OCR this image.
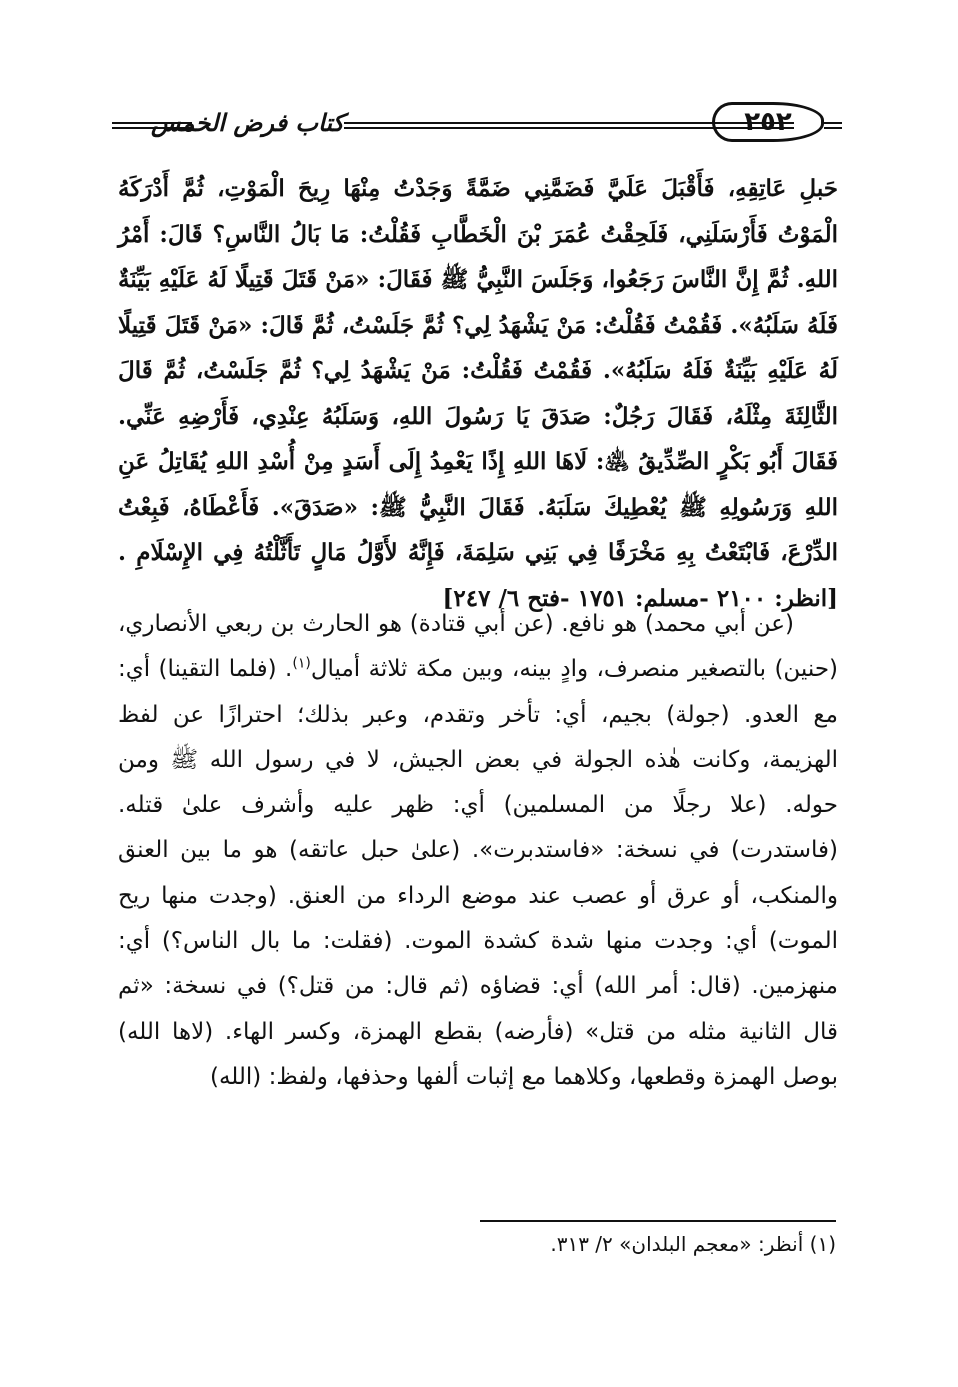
كتاب فرض الخمس	٢٥٢

حَبلِ عَاتِقِهِ، فَأَقْبَلَ عَلَيَّ فَضَمَّنِي ضَمَّةً وَجَدْتُ مِنْهَا رِيحَ الْمَوْتِ، ثُمَّ أَدْرَكَهُ الْمَوْتُ فَأَرْسَلَنِي، فَلَحِقْتُ عُمَرَ بْنَ الْخَطَّابِ فَقُلْتُ: مَا بَالُ النَّاسِ؟ قَالَ: أَمْرُ اللهِ. ثُمَّ إِنَّ النَّاسَ رَجَعُوا، وَجَلَسَ النَّبِيُّ ﷺ فَقَالَ: «مَنْ قَتَلَ قَتِيلًا لَهُ عَلَيْهِ بَيِّنَةٌ فَلَهُ سَلَبُهُ». فَقُمْتُ فَقُلْتُ: مَنْ يَشْهَدُ لِي؟ ثُمَّ جَلَسْتُ، ثُمَّ قَالَ: «مَنْ قَتَلَ قَتِيلًا لَهُ عَلَيْهِ بَيِّنَةٌ فَلَهُ سَلَبُهُ». فَقُمْتُ فَقُلْتُ: مَنْ يَشْهَدُ لِي؟ ثُمَّ جَلَسْتُ، ثُمَّ قَالَ الثَّالِثَةَ مِثْلَهُ، فَقَالَ رَجُلٌ: صَدَقَ يَا رَسُولَ اللهِ، وَسَلَبُهُ عِنْدِي، فَأَرْضِهِ عَنِّي. فَقَالَ أَبُو بَكْرٍ الصِّدِّيقُ ﵁: لَاهَا اللهِ إِذًا يَعْمِدُ إِلَى أَسَدٍ مِنْ أُسْدِ اللهِ يُقَاتِلُ عَنِ اللهِ وَرَسُولِهِ ﷺ يُعْطِيكَ سَلَبَهُ. فَقَالَ النَّبِيُّ ﷺ: «صَدَقَ». فَأَعْطَاهُ، فَبِعْتُ الدِّرْعَ، فَابْتَعْتُ بِهِ مَخْرَفًا فِي بَنِي سَلِمَةَ، فَإِنَّهُ لأَوَّلُ مَالٍ تَأَثَّلْتُهُ فِي الإِسْلَامِ .[انظر: ٢١٠٠ -مسلم: ١٧٥١ -فتح ٦/ ٢٤٧]

(عن أبي محمد) هو نافع. (عن أبي قتادة) هو الحارث بن ربعي الأنصاري، (حنين) بالتصغير منصرف، وادٍ بينه، وبين مكة ثلاثة أميال$^{(١)}$. (فلما التقينا) أي: مع العدو. (جولة) بجيم، أي: تأخر وتقدم، وعبر بذلك؛ احترازًا عن لفظ الهزيمة، وكانت هٰذه الجولة في بعض الجيش، لا في رسول الله ﷺ ومن حوله. (علا رجلًا من المسلمين) أي: ظهر عليه وأشرف علىٰ قتله. (فاستدرت) في نسخة: «فاستدبرت». (علىٰ حبل عاتقه) هو ما بين العنق والمنكب، أو عرق أو عصب عند موضع الرداء من العنق. (وجدت منها ريح الموت) أي: وجدت منها شدة كشدة الموت. (فقلت: ما بال الناس؟) أي: منهزمين. (قال: أمر الله) أي: قضاؤه (ثم قال: من قتل؟) في نسخة: «ثم قال الثانية مثله من قتل» (فأرضه) بقطع الهمزة، وكسر الهاء. (لاها الله) بوصل الهمزة وقطعها، وكلاهما مع إثبات ألفها وحذفها، ولفظ: (الله)

(١) أنظر: «معجم البلدان» ٢/ ٣١٣.
